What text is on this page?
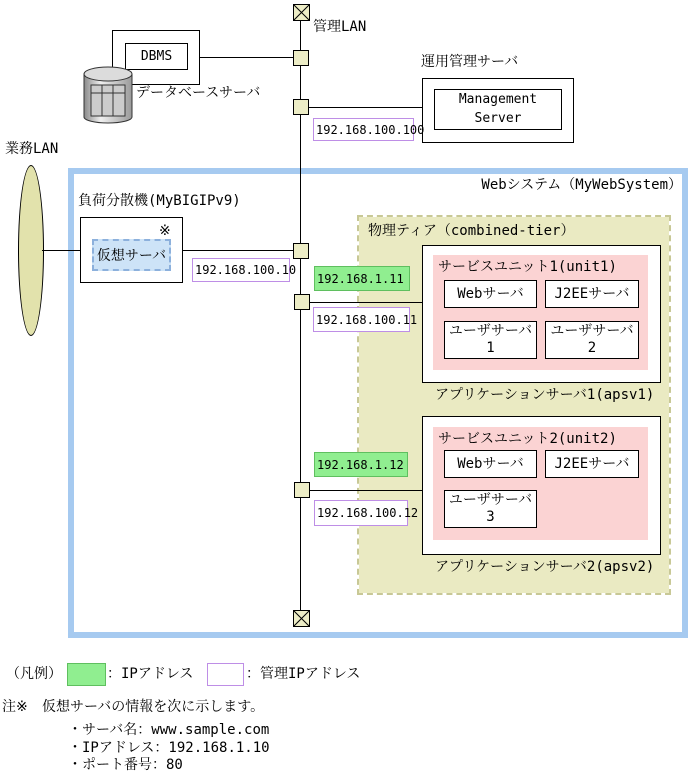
Webシステム（MyWebSystem）
物理ティア（combined-tier）
サービスユニット1(unit1)
Webサーバ J2EEサーバ
ユーザサーバ
1
ユーザサーバ
2
アプリケーションサーバ1(apsv1)
サービスユニット2(unit2)
Webサーバ J2EEサーバ
ユーザサーバ
3
アプリケーションサーバ2(apsv2)
管理LAN
DBMS
データベースサーバ
運用管理サーバ
Management
Server
192.168.100.100
業務LAN
負荷分散機(MyBIGIPv9)
※
仮想サーバ
192.168.100.10
192.168.1.11
192.168.100.11
192.168.1.12
192.168.100.12
（凡例）	：IPアドレス	：管理IPアドレス
注※ 仮想サーバの情報を次に示します。
・サーバ名：www.sample.com
・IPアドレス：192.168.1.10
・ポート番号：80
